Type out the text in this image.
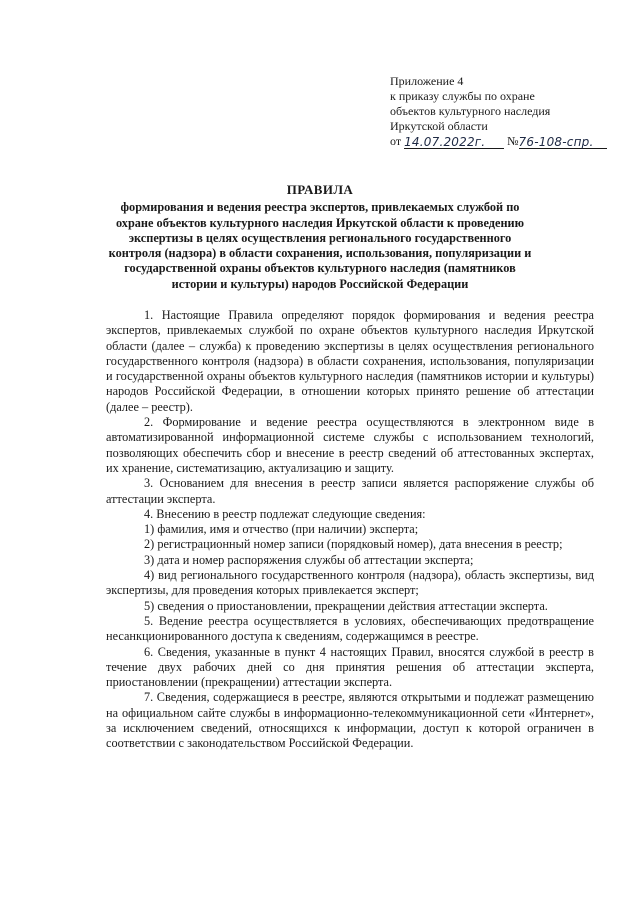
Приложение 4
к приказу службы по охране
объектов культурного наследия
Иркутской области
от 14.07.2022г. №76-108-спр.
ПРАВИЛА
формирования и ведения реестра экспертов, привлекаемых службой по охране объектов культурного наследия Иркутской области к проведению экспертизы в целях осуществления регионального государственного контроля (надзора) в области сохранения, использования, популяризации и государственной охраны объектов культурного наследия (памятников истории и культуры) народов Российской Федерации

1. Настоящие Правила определяют порядок формирования и ведения реестра экспертов, привлекаемых службой по охране объектов культурного наследия Иркутской области (далее – служба) к проведению экспертизы в целях осуществления регионального государственного контроля (надзора) в области сохранения, использования, популяризации и государственной охраны объектов культурного наследия (памятников истории и культуры) народов Российской Федерации, в отношении которых принято решение об аттестации (далее – реестр).

2. Формирование и ведение реестра осуществляются в электронном виде в автоматизированной информационной системе службы с использованием технологий, позволяющих обеспечить сбор и внесение в реестр сведений об аттестованных экспертах, их хранение, систематизацию, актуализацию и защиту.

3. Основанием для внесения в реестр записи является распоряжение службы об аттестации эксперта.

4. Внесению в реестр подлежат следующие сведения:

1) фамилия, имя и отчество (при наличии) эксперта;

2) регистрационный номер записи (порядковый номер), дата внесения в реестр;

3) дата и номер распоряжения службы об аттестации эксперта;

4) вид регионального государственного контроля (надзора), область экспертизы, вид экспертизы, для проведения которых привлекается эксперт;

5) сведения о приостановлении, прекращении действия аттестации эксперта.

5. Ведение реестра осуществляется в условиях, обеспечивающих предотвращение несанкционированного доступа к сведениям, содержащимся в реестре.

6. Сведения, указанные в пункт 4 настоящих Правил, вносятся службой в реестр в течение двух рабочих дней со дня принятия решения об аттестации эксперта, приостановлении (прекращении) аттестации эксперта.

7. Сведения, содержащиеся в реестре, являются открытыми и подлежат размещению на официальном сайте службы в информационно-телекоммуникационной сети «Интернет», за исключением сведений, относящихся к информации, доступ к которой ограничен в соответствии с законодательством Российской Федерации.
